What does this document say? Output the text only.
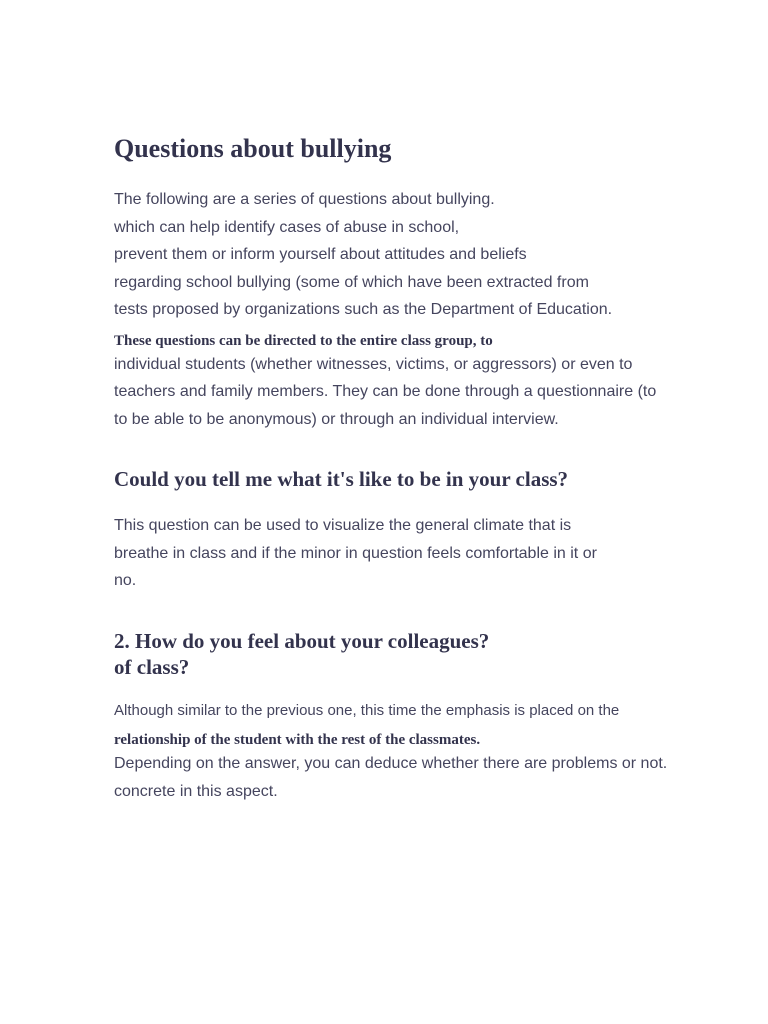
Questions about bullying
The following are a series of questions about bullying.
which can help identify cases of abuse in school,
prevent them or inform yourself about attitudes and beliefs
regarding school bullying (some of which have been extracted from
tests proposed by organizations such as the Department of Education.
These questions can be directed to the entire class group, to
individual students (whether witnesses, victims, or aggressors) or even to
teachers and family members. They can be done through a questionnaire (to
to be able to be anonymous) or through an individual interview.
Could you tell me what it's like to be in your class?
This question can be used to visualize the general climate that is
breathe in class and if the minor in question feels comfortable in it or
no.
2. How do you feel about your colleagues?
of class?
Although similar to the previous one, this time the emphasis is placed on the
relationship of the student with the rest of the classmates.
Depending on the answer, you can deduce whether there are problems or not.
concrete in this aspect.
